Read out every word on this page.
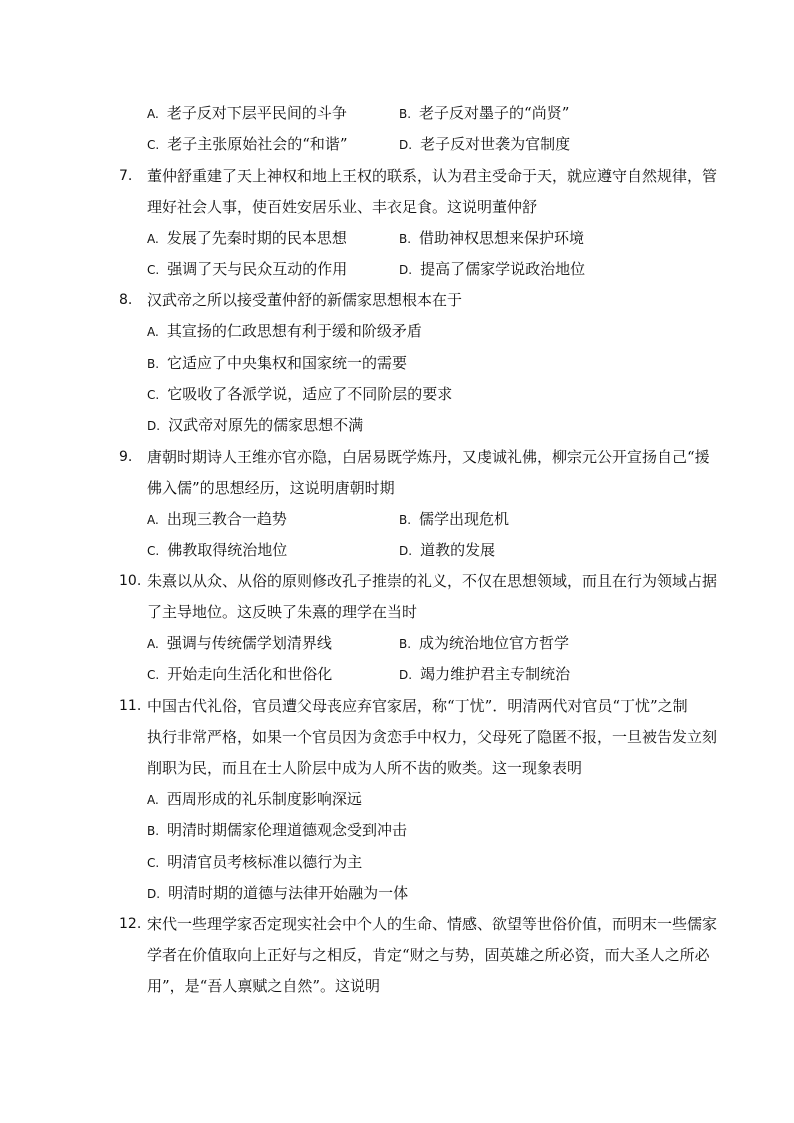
A. 老子反对下层平民间的斗争	B. 老子反对墨子的“尚贤”
C. 老子主张原始社会的“和谐”	D. 老子反对世袭为官制度
7. 董仲舒重建了天上神权和地上王权的联系，认为君主受命于天，就应遵守自然规律，管
理好社会人事，使百姓安居乐业、丰衣足食。这说明董仲舒
A. 发展了先秦时期的民本思想	B. 借助神权思想来保护环境
C. 强调了天与民众互动的作用	D. 提高了儒家学说政治地位
8. 汉武帝之所以接受董仲舒的新儒家思想根本在于
A. 其宣扬的仁政思想有利于缓和阶级矛盾
B. 它适应了中央集权和国家统一的需要
C. 它吸收了各派学说，适应了不同阶层的要求
D. 汉武帝对原先的儒家思想不满
9. 唐朝时期诗人王维亦官亦隐，白居易既学炼丹，又虔诚礼佛，柳宗元公开宣扬自己“援
佛入儒”的思想经历，这说明唐朝时期
A. 出现三教合一趋势	B. 儒学出现危机
C. 佛教取得统治地位	D. 道教的发展
10. 朱熹以从众、从俗的原则修改孔子推崇的礼义，不仅在思想领域，而且在行为领域占据
了主导地位。这反映了朱熹的理学在当时
A. 强调与传统儒学划清界线	B. 成为统治地位官方哲学
C. 开始走向生活化和世俗化	D. 竭力维护君主专制统治
11. 中国古代礼俗，官员遭父母丧应弃官家居，称“丁忧”．明清两代对官员“丁忧”之制
执行非常严格，如果一个官员因为贪恋手中权力，父母死了隐匿不报，一旦被告发立刻
削职为民，而且在士人阶层中成为人所不齿的败类。这一现象表明
A. 西周形成的礼乐制度影响深远
B. 明清时期儒家伦理道德观念受到冲击
C. 明清官员考核标准以德行为主
D. 明清时期的道德与法律开始融为一体
12. 宋代一些理学家否定现实社会中个人的生命、情感、欲望等世俗价值，而明末一些儒家
学者在价值取向上正好与之相反，肯定“财之与势，固英雄之所必资，而大圣人之所必
用”，是“吾人禀赋之自然”。这说明
